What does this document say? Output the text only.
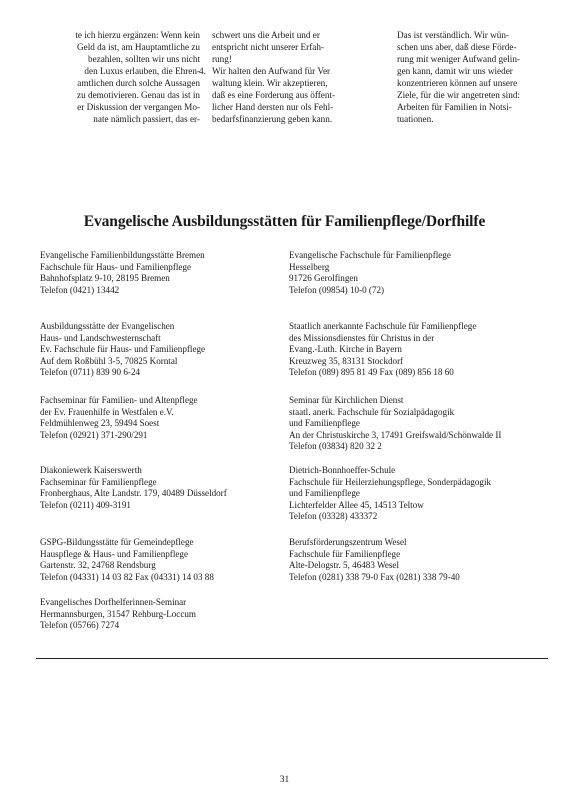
te ich hierzu ergänzen: Wenn kein
Geld da ist, am Hauptamtliche zu
bezahlen, sollten wir uns nicht
den Luxus erlauben, die Ehren-
amtlichen durch solche Aussagen
zu demotivieren. Genau das ist in
er Diskussion der vergangen Mo-
nate nämlich passiert, das er-
schwert uns die Arbeit und er
entspricht nicht unserer Erfah-
rung!
4. Wir halten den Aufwand für Ver
waltung klein. Wir akzeptieren,
daß es eine Forderung aus öffent-
licher Hand dersten nur ols Fehl-
bedarfsfinanzierung geben kann.
Das ist verständlich. Wir wün-
schen uns aber, daß diese Förde-
rung mit weniger Aufwand gelin-
gen kann, damit wir uns wieder
konzentrieren können auf unsere
Ziele, für die wir angetreten sind:
Arbeiten für Familien in Notsi-
tuationen.
Evangelische Ausbildungsstätten für Familienpflege/Dorfhilfe
Evangelische Familienbildungsstätte Bremen
Fachschule für Haus- und Familienpflege
Bahnhofsplatz 9-10, 28195 Bremen
Telefon (0421) 13442
Evangelische Fachschule für Familienpflege
Hesselberg
91726 Gerolfingen
Telefon (09854) 10-0 (72)
Ausbildungsstätte der Evangelischen
Haus- und Landschwesternschaft
Ev. Fachschule für Haus- und Familienpflege
Auf dem Roßbühl 3-5, 70825 Korntal
Telefon (0711) 839 90 6-24
Staatlich anerkannte Fachschule für Familienpflege
des Missionsdienstes für Christus in der
Evang.-Luth. Kirche in Bayern
Kreuzweg 35, 83131 Stockdorf
Telefon (089) 895 81 49 Fax (089) 856 18 60
Fachseminar für Familien- und Altenpflege
der Ev. Frauenhilfe in Westfalen e.V.
Feldmühlenweg 23, 59494 Soest
Telefon (02921) 371-290/291
Seminar für Kirchlichen Dienst
staatl. anerk. Fachschule für Sozialpädagogik
und Familienpflege
An der Christuskirche 3, 17491 Greifswald/Schönwalde II
Telefon (03834) 820 32 2
Diakoniewerk Kaiserswerth
Fachseminar für Familienpflege
Fronberghaus, Alte Landstr. 179, 40489 Düsseldorf
Telefon (0211) 409-3191
Dietrich-Bonnhoeffer-Schule
Fachschule für Heilerziehungspflege, Sonderpädagogik
und Familienpflege
Lichterfelder Allee 45, 14513 Teltow
Telefon (03328) 433372
GSPG-Bildungsstätte für Gemeindepflege
Hauspflege & Haus- und Familienpflege
Gartenstr. 32, 24768 Rendsburg
Telefon (04331) 14 03 82 Fax (04331) 14 03 88
Berufsförderungszentrum Wesel
Fachschule für Familienpflege
Alte-Delogstr. 5, 46483 Wesel
Telefon (0281) 338 79-0 Fax (0281) 338 79-40
Evangelisches Dorfhelferinnen-Seminar
Hermannsburgen, 31547 Rehburg-Loccum
Telefon (05766) 7274
31
